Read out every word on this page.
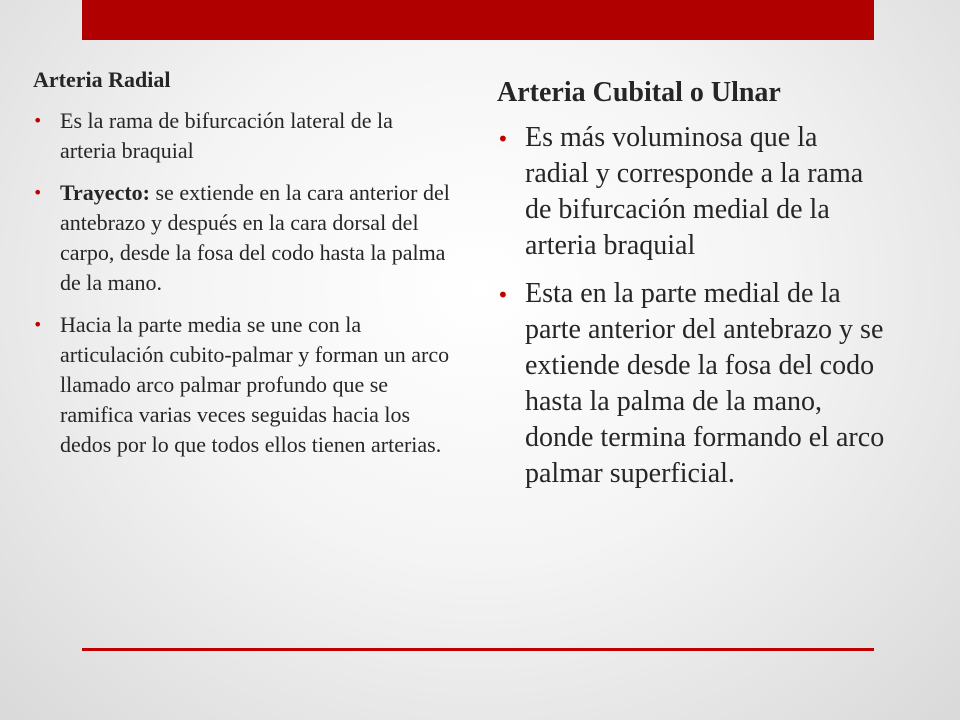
Arteria Radial

• Es la rama de bifurcación lateral de la arteria braquial
• Trayecto: se extiende en la cara anterior del antebrazo y después en la cara dorsal del carpo, desde la fosa del codo hasta la palma de la mano.
• Hacia la parte media se une con la articulación cubito-palmar y forman un arco llamado arco palmar profundo que se ramifica varias veces seguidas hacia los dedos por lo que todos ellos tienen arterias.

Arteria Cubital o Ulnar

• Es más voluminosa que la radial y corresponde a la rama de bifurcación medial de la arteria braquial
• Esta en la parte medial de la parte anterior del antebrazo y se extiende desde la fosa del codo hasta la palma de la mano, donde termina formando el arco palmar superficial.
